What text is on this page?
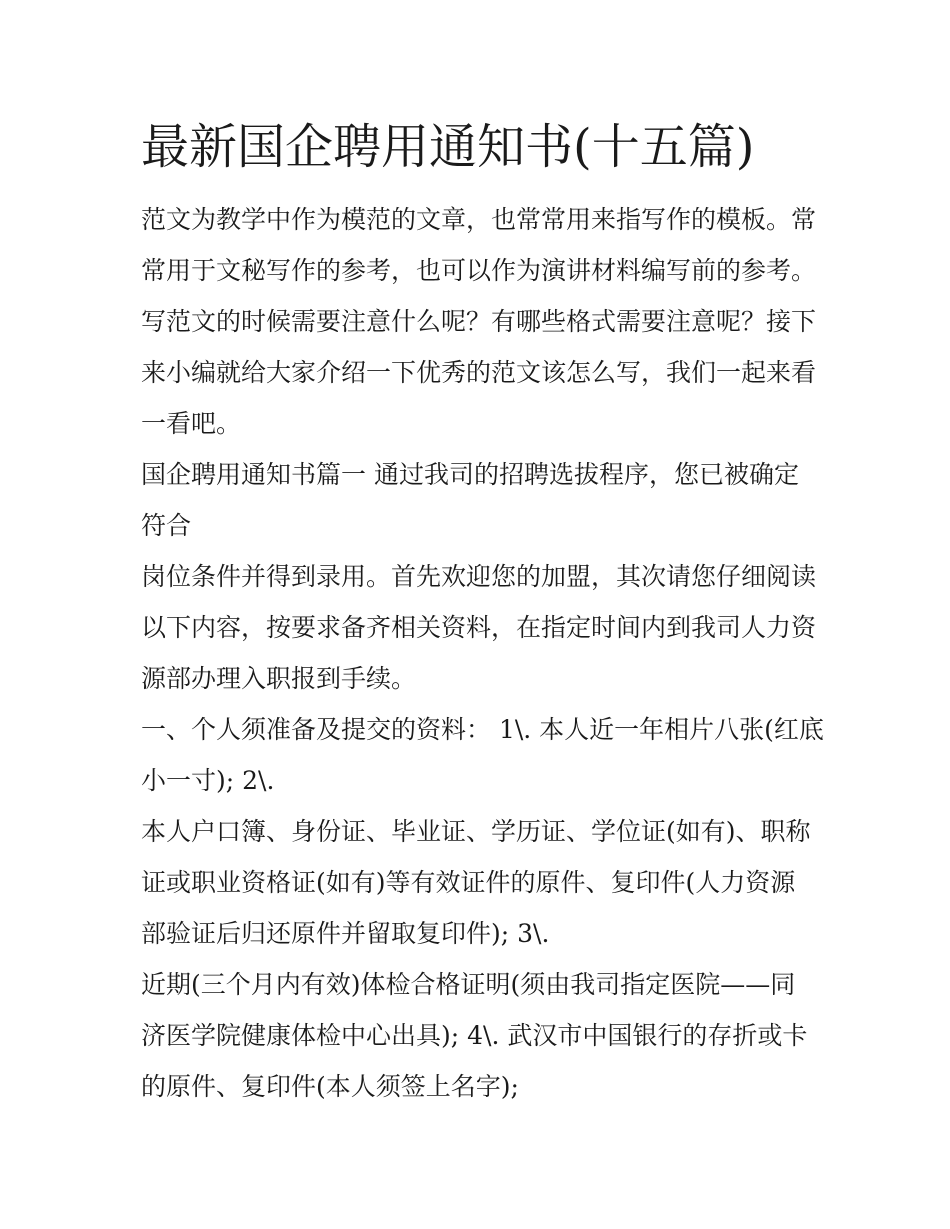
最新国企聘用通知书(十五篇)

范文为教学中作为模范的文章，也常常用来指写作的模板。常

常用于文秘写作的参考，也可以作为演讲材料编写前的参考。

写范文的时候需要注意什么呢？有哪些格式需要注意呢？接下

来小编就给大家介绍一下优秀的范文该怎么写，我们一起来看

一看吧。

国企聘用通知书篇一 通过我司的招聘选拔程序，您已被确定

符合

岗位条件并得到录用。首先欢迎您的加盟，其次请您仔细阅读

以下内容，按要求备齐相关资料，在指定时间内到我司人力资

源部办理入职报到手续。

一、个人须准备及提交的资料： 1\. 本人近一年相片八张(红底

小一寸); 2\.

本人户口簿、身份证、毕业证、学历证、学位证(如有)、职称

证或职业资格证(如有)等有效证件的原件、复印件(人力资源

部验证后归还原件并留取复印件); 3\.

近期(三个月内有效)体检合格证明(须由我司指定医院——同

济医学院健康体检中心出具); 4\. 武汉市中国银行的存折或卡

的原件、复印件(本人须签上名字);
